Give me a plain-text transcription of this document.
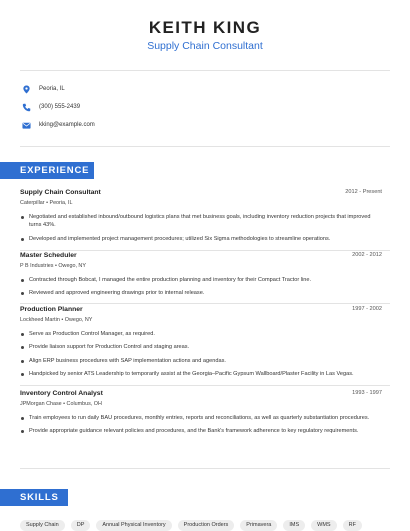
KEITH KING
Supply Chain Consultant
Peoria, IL
(300) 555-2439
kking@example.com
EXPERIENCE
Supply Chain Consultant	2012 - Present
Caterpillar • Peoria, IL
Negotiated and established inbound/outbound logistics plans that met business goals, including inventory reduction projects that improved turns 43%.
Developed and implemented project management procedures; utilized Six Sigma methodologies to streamline operations.
Master Scheduler	2002 - 2012
P B Industries • Owego, NY
Contracted through Bobcat, I managed the entire production planning and inventory for their Compact Tractor line.
Reviewed and approved engineering drawings prior to internal release.
Production Planner	1997 - 2002
Lockheed Martin • Owego, NY
Serve as Production Control Manager, as required.
Provide liaison support for Production Control and staging areas.
Align ERP business procedures with SAP implementation actions and agendas.
Handpicked by senior ATS Leadership to temporarily assist at the Georgia–Pacific Gypsum Wallboard/Plaster Facility in Las Vegas.
Inventory Control Analyst	1993 - 1997
JPMorgan Chase • Columbus, OH
Train employees to run daily BAU procedures, monthly entries, reports and reconciliations, as well as quarterly substantiation procedures.
Provide appropriate guidance relevant policies and procedures, and the Bank's framework adherence to key regulatory requirements.
SKILLS
Supply Chain	DP	Annual Physical Inventory	Production Orders	Primavera	IMS	WMS	RF
